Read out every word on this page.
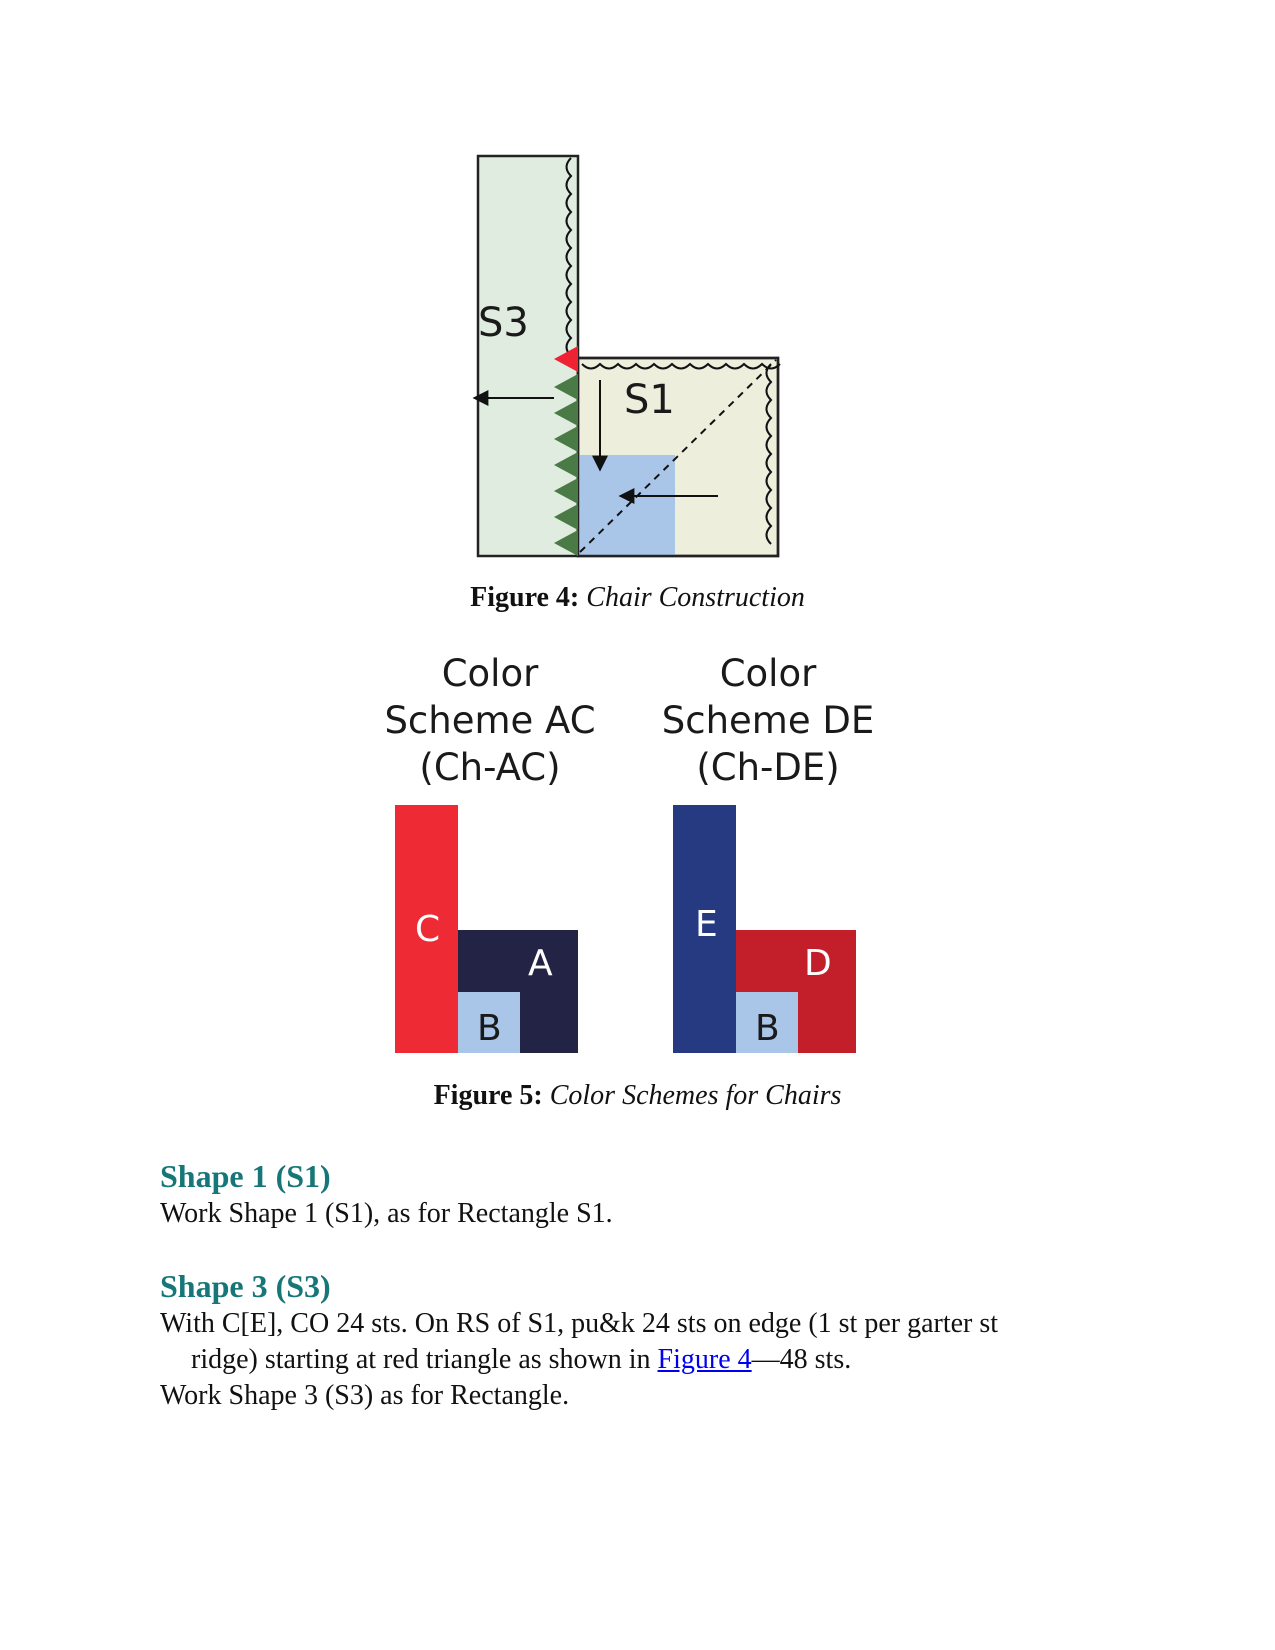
S3
S1
Figure 4: Chair Construction
Color
Scheme AC
(Ch-AC)
Color
Scheme DE
(Ch-DE)
C
A
B
E
D
B
Figure 5: Color Schemes for Chairs
Shape 1 (S1)
Work Shape 1 (S1), as for Rectangle S1.
Shape 3 (S3)
With C[E], CO 24 sts. On RS of S1, pu&k 24 sts on edge (1 st per garter st
ridge) starting at red triangle as shown in Figure 4—48 sts.
Work Shape 3 (S3) as for Rectangle.
